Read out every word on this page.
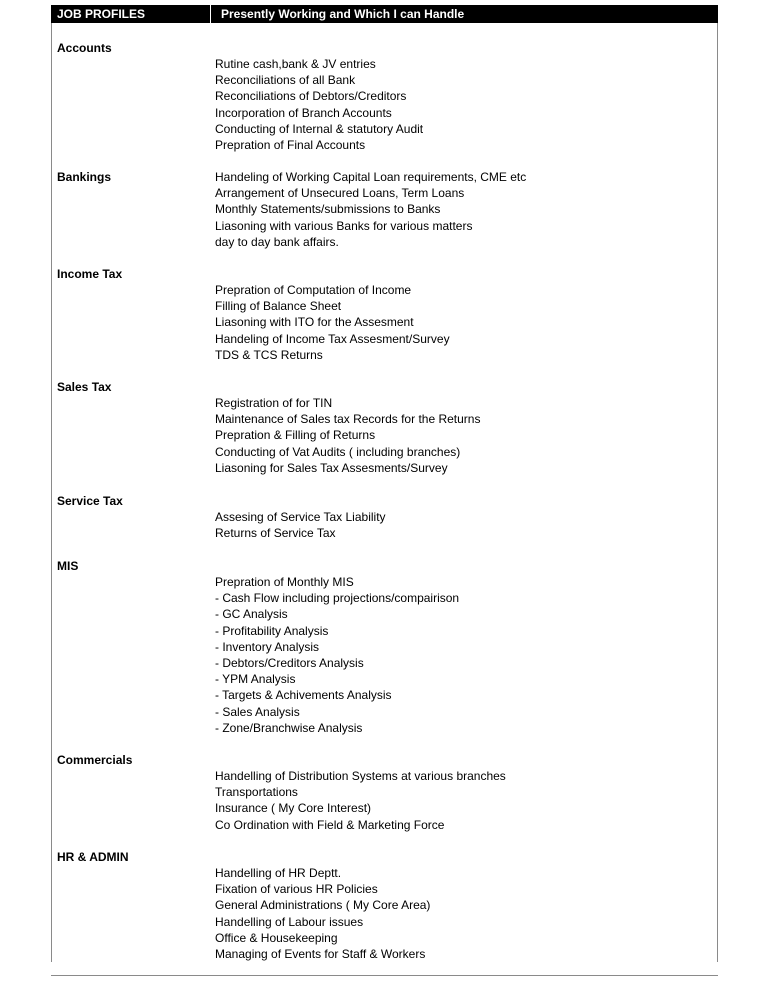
JOB PROFILES	Presently Working and Which I can Handle
Accounts
Rutine cash,bank & JV entries
Reconciliations of all Bank
Reconciliations of Debtors/Creditors
Incorporation of Branch Accounts
Conducting of Internal & statutory Audit
Prepration of Final Accounts
Bankings	Handeling of Working Capital Loan requirements, CME etc
Arrangement of Unsecured Loans, Term Loans
Monthly Statements/submissions to Banks
Liasoning with various Banks for various matters
day to day bank affairs.
Income Tax
Prepration of Computation of Income
Filling of Balance Sheet
Liasoning with ITO for the Assesment
Handeling of Income Tax Assesment/Survey
TDS & TCS Returns
Sales Tax
Registration of for TIN
Maintenance of Sales tax Records for the Returns
Prepration & Filling of Returns
Conducting of Vat Audits ( including branches)
Liasoning for Sales Tax Assesments/Survey
Service Tax
Assesing of Service Tax Liability
Returns of Service Tax
MIS
Prepration of Monthly MIS
- Cash Flow including projections/compairison
- GC Analysis
- Profitability Analysis
- Inventory Analysis
- Debtors/Creditors Analysis
- YPM Analysis
- Targets & Achivements Analysis
- Sales Analysis
- Zone/Branchwise Analysis
Commercials
Handelling of Distribution Systems at various branches
Transportations
Insurance ( My Core Interest)
Co Ordination with Field & Marketing Force
HR & ADMIN
Handelling of HR Deptt.
Fixation of various HR Policies
General Administrations ( My Core Area)
Handelling of Labour issues
Office & Housekeeping
Managing of Events for Staff & Workers
